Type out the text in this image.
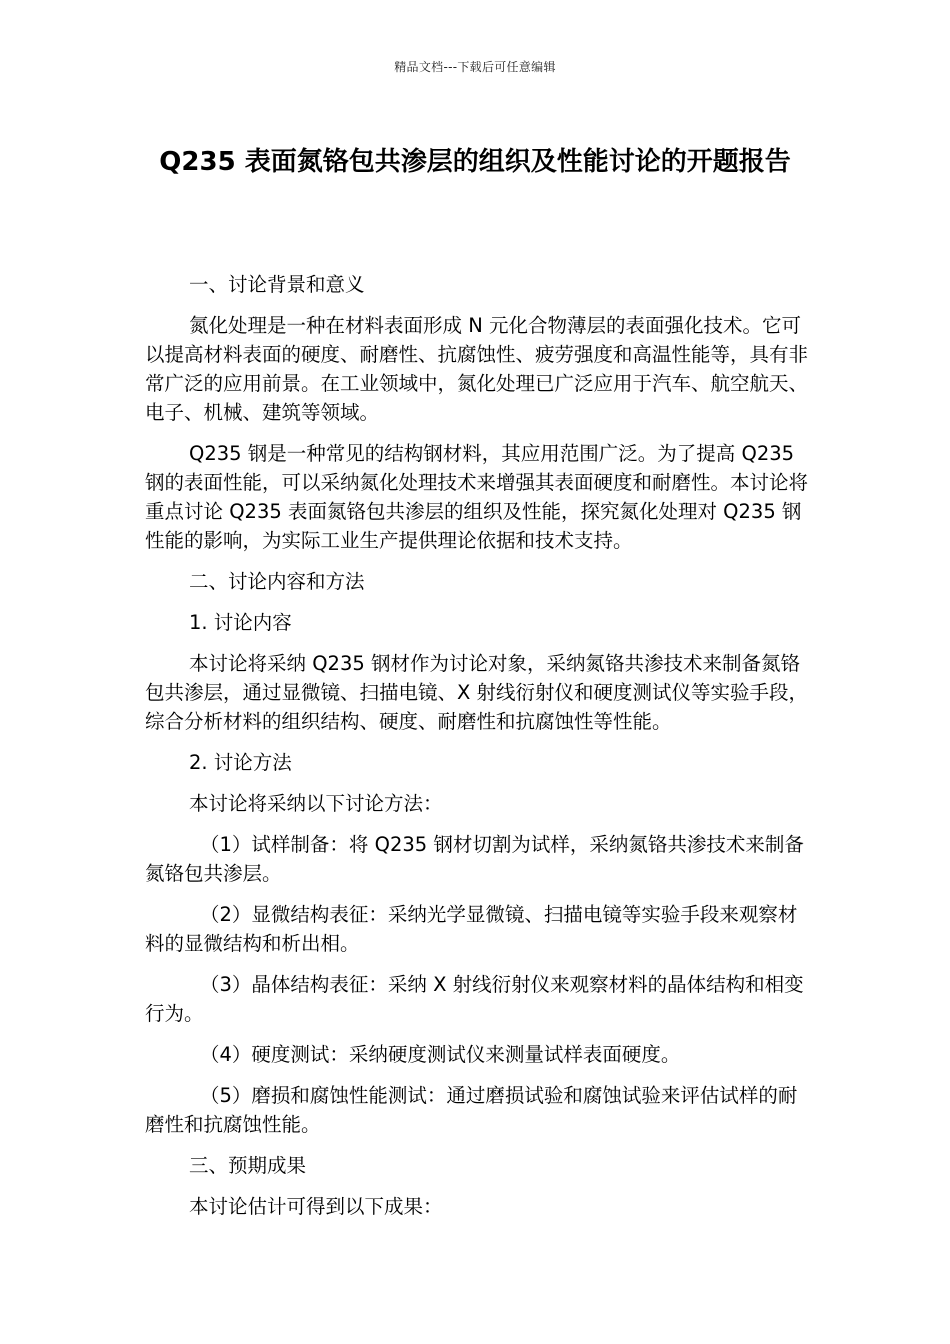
精品文档---下载后可任意编辑
Q235 表面氮铬包共渗层的组织及性能讨论的开题报告

一、讨论背景和意义

氮化处理是一种在材料表面形成 N 元化合物薄层的表面强化技术。它可以提高材料表面的硬度、耐磨性、抗腐蚀性、疲劳强度和高温性能等，具有非常广泛的应用前景。在工业领域中，氮化处理已广泛应用于汽车、航空航天、电子、机械、建筑等领域。

Q235 钢是一种常见的结构钢材料，其应用范围广泛。为了提高 Q235 钢的表面性能，可以采纳氮化处理技术来增强其表面硬度和耐磨性。本讨论将重点讨论 Q235 表面氮铬包共渗层的组织及性能，探究氮化处理对 Q235 钢性能的影响，为实际工业生产提供理论依据和技术支持。

二、讨论内容和方法

1. 讨论内容

本讨论将采纳 Q235 钢材作为讨论对象，采纳氮铬共渗技术来制备氮铬包共渗层，通过显微镜、扫描电镜、X 射线衍射仪和硬度测试仪等实验手段，综合分析材料的组织结构、硬度、耐磨性和抗腐蚀性等性能。

2. 讨论方法

本讨论将采纳以下讨论方法：

（1）试样制备：将 Q235 钢材切割为试样，采纳氮铬共渗技术来制备氮铬包共渗层。

（2）显微结构表征：采纳光学显微镜、扫描电镜等实验手段来观察材料的显微结构和析出相。

（3）晶体结构表征：采纳 X 射线衍射仪来观察材料的晶体结构和相变行为。

（4）硬度测试：采纳硬度测试仪来测量试样表面硬度。

（5）磨损和腐蚀性能测试：通过磨损试验和腐蚀试验来评估试样的耐磨性和抗腐蚀性能。

三、预期成果

本讨论估计可得到以下成果：
